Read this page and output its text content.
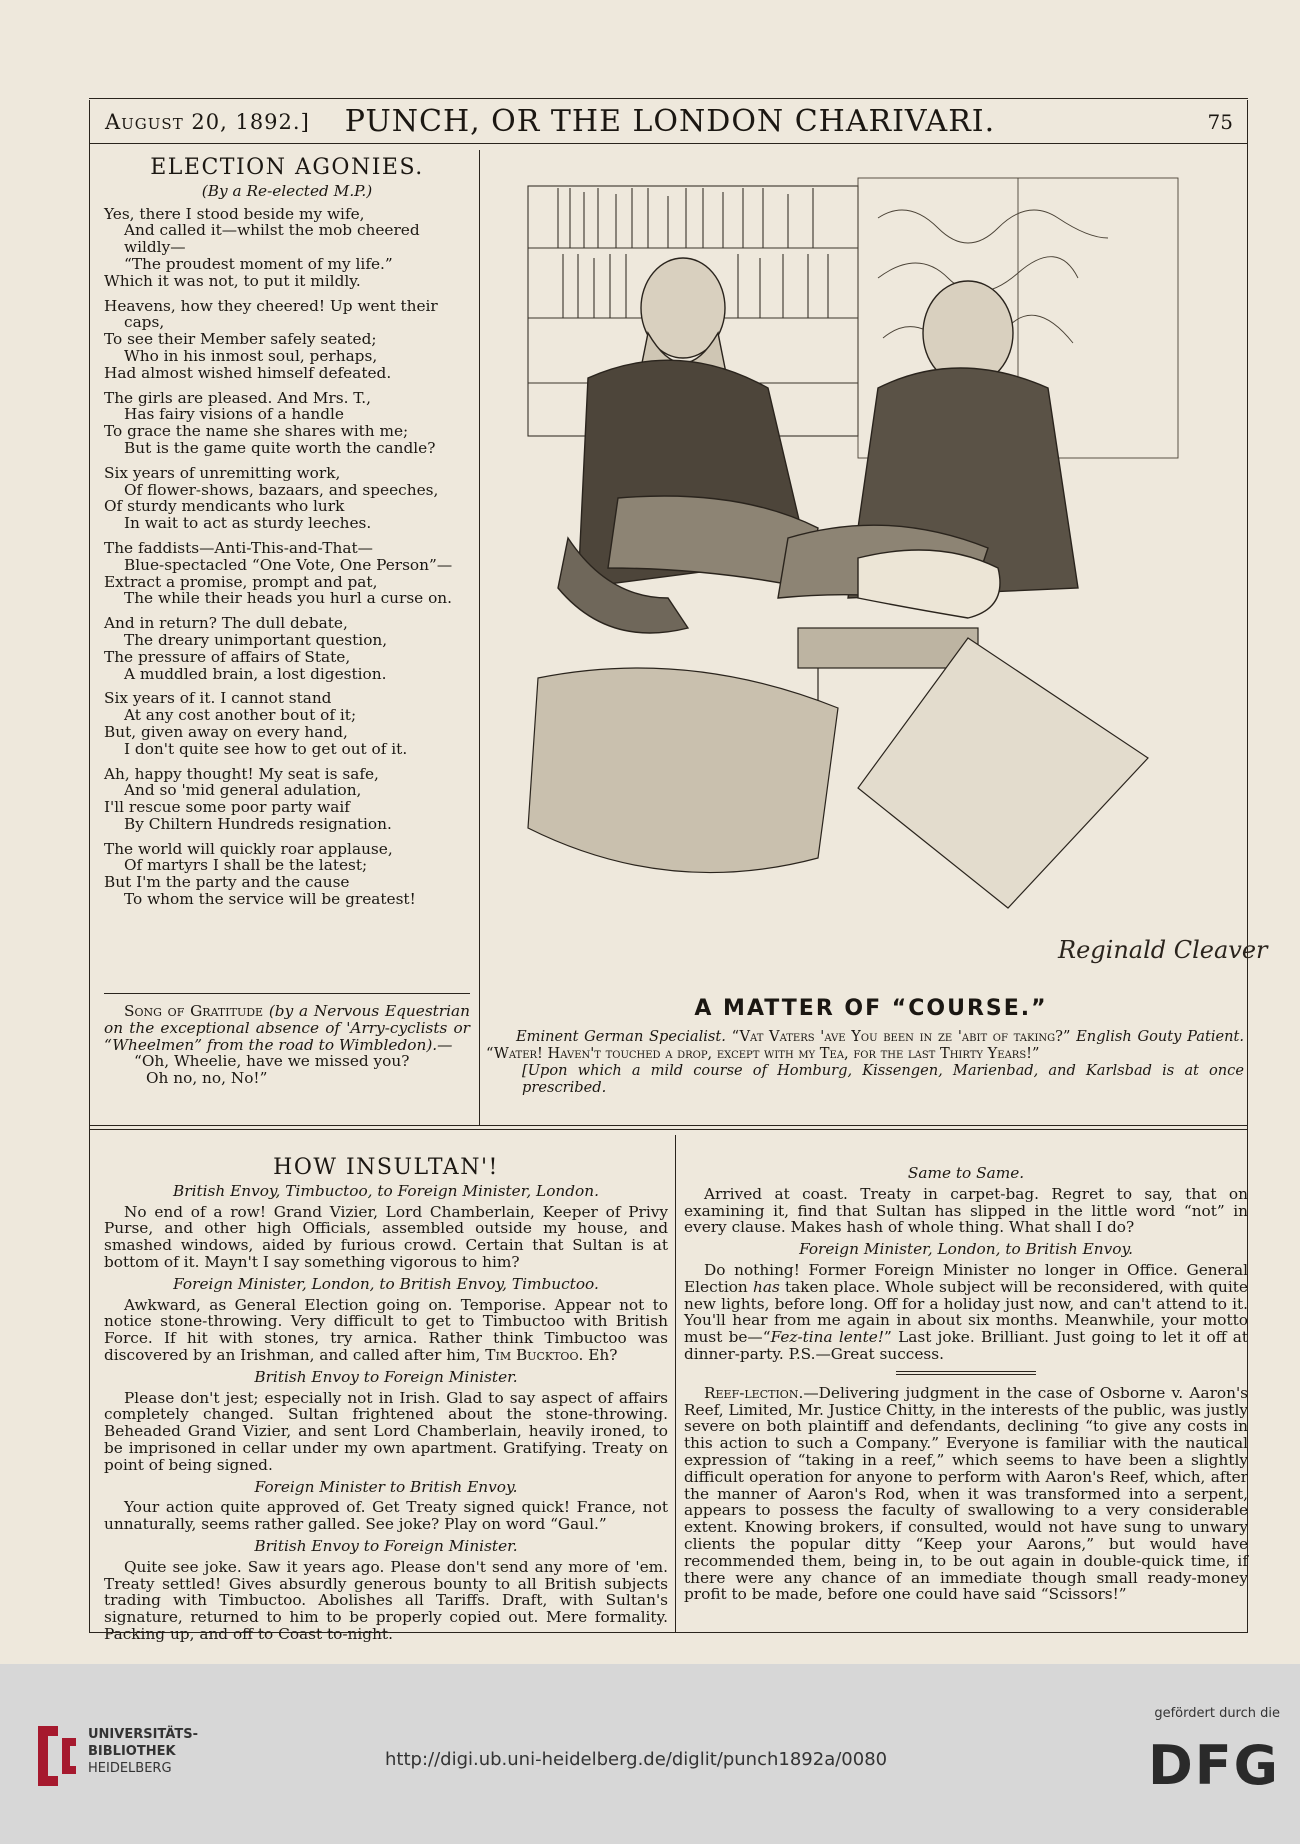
August 20, 1892.]	PUNCH, OR THE LONDON CHARIVARI.	75
ELECTION AGONIES.
(By a Re-elected M.P.)
Yes, there I stood beside my wife,
And called it—whilst the mob cheered
wildly—
“The proudest moment of my life.”
Which it was not, to put it mildly.
Heavens, how they cheered! Up went their
caps,
To see their Member safely seated;
Who in his inmost soul, perhaps,
Had almost wished himself defeated.
The girls are pleased. And Mrs. T.,
Has fairy visions of a handle
To grace the name she shares with me;
But is the game quite worth the candle?
Six years of unremitting work,
Of flower-shows, bazaars, and speeches,
Of sturdy mendicants who lurk
In wait to act as sturdy leeches.
The faddists—Anti-This-and-That—
Blue-spectacled “One Vote, One Person”—
Extract a promise, prompt and pat,
The while their heads you hurl a curse on.
And in return? The dull debate,
The dreary unimportant question,
The pressure of affairs of State,
A muddled brain, a lost digestion.
Six years of it. I cannot stand
At any cost another bout of it;
But, given away on every hand,
I don't quite see how to get out of it.
Ah, happy thought! My seat is safe,
And so 'mid general adulation,
I'll rescue some poor party waif
By Chiltern Hundreds resignation.
The world will quickly roar applause,
Of martyrs I shall be the latest;
But I'm the party and the cause
To whom the service will be greatest!

Song of Gratitude (by a Nervous Equestrian on the exceptional absence of 'Arry-cyclists or “Wheelmen” from the road to Wimbledon).—

“Oh, Wheelie, have we missed you?
Oh no, no, No!”
Reginald Cleaver
A MATTER OF “COURSE.”

Eminent German Specialist. “Vat Vaters 'ave You been in ze 'abit of taking?” English Gouty Patient. “Water! Haven't touched a drop, except with my Tea, for the last Thirty Years!”

[Upon which a mild course of Homburg, Kissengen, Marienbad, and Karlsbad is at once prescribed.

HOW INSULTAN'!
British Envoy, Timbuctoo, to Foreign Minister, London.

No end of a row! Grand Vizier, Lord Chamberlain, Keeper of Privy Purse, and other high Officials, assembled outside my house, and smashed windows, aided by furious crowd. Certain that Sultan is at bottom of it. Mayn't I say something vigorous to him?

Foreign Minister, London, to British Envoy, Timbuctoo.

Awkward, as General Election going on. Temporise. Appear not to notice stone-throwing. Very difficult to get to Timbuctoo with British Force. If hit with stones, try arnica. Rather think Timbuctoo was discovered by an Irishman, and called after him, Tim Bucktoo. Eh?

British Envoy to Foreign Minister.

Please don't jest; especially not in Irish. Glad to say aspect of affairs completely changed. Sultan frightened about the stone-throwing. Beheaded Grand Vizier, and sent Lord Chamberlain, heavily ironed, to be imprisoned in cellar under my own apartment. Gratifying. Treaty on point of being signed.

Foreign Minister to British Envoy.

Your action quite approved of. Get Treaty signed quick! France, not unnaturally, seems rather galled. See joke? Play on word “Gaul.”

British Envoy to Foreign Minister.

Quite see joke. Saw it years ago. Please don't send any more of 'em. Treaty settled! Gives absurdly generous bounty to all British subjects trading with Timbuctoo. Abolishes all Tariffs. Draft, with Sultan's signature, returned to him to be properly copied out. Mere formality. Packing up, and off to Coast to-night.

Same to Same.

Arrived at coast. Treaty in carpet-bag. Regret to say, that on examining it, find that Sultan has slipped in the little word “not” in every clause. Makes hash of whole thing. What shall I do?

Foreign Minister, London, to British Envoy.

Do nothing! Former Foreign Minister no longer in Office. General Election has taken place. Whole subject will be reconsidered, with quite new lights, before long. Off for a holiday just now, and can't attend to it. You'll hear from me again in about six months. Meanwhile, your motto must be—“Fez-tina lente!” Last joke. Brilliant. Just going to let it off at dinner-party. P.S.—Great success.

Reef-lection.—Delivering judgment in the case of Osborne v. Aaron's Reef, Limited, Mr. Justice Chitty, in the interests of the public, was justly severe on both plaintiff and defendants, declining “to give any costs in this action to such a Company.” Everyone is familiar with the nautical expression of “taking in a reef,” which seems to have been a slightly difficult operation for anyone to perform with Aaron's Reef, which, after the manner of Aaron's Rod, when it was transformed into a serpent, appears to possess the faculty of swallowing to a very considerable extent. Knowing brokers, if consulted, would not have sung to unwary clients the popular ditty “Keep your Aarons,” but would have recommended them, being in, to be out again in double-quick time, if there were any chance of an immediate though small ready-money profit to be made, before one could have said “Scissors!”

UNIVERSITÄTS-
BIBLIOTHEK
HEIDELBERG	http://digi.ub.uni-heidelberg.de/diglit/punch1892a/0080
gefördert durch die
DFG
